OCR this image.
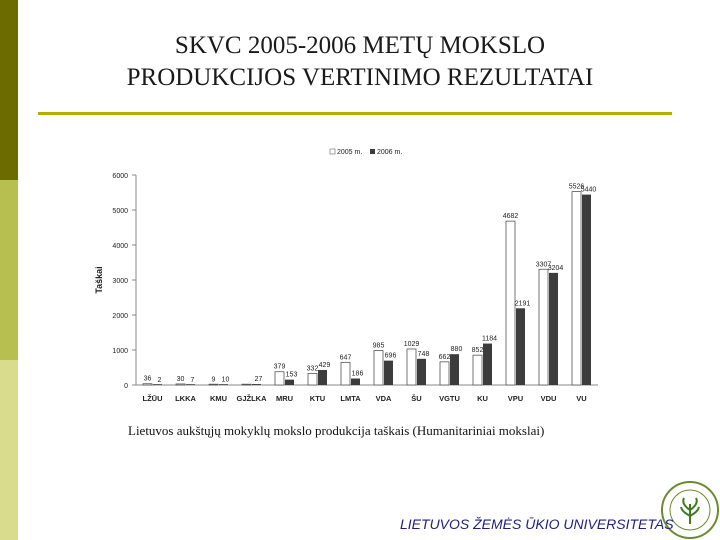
SKVC 2005-2006 METŲ MOKSLO
PRODUKCIJOS VERTINIMO REZULTATAI
0
1000
2000
3000
4000
5000
6000
Taškai
2005 m. 2006 m.
36 2
LŽŪU
30 7
LKKA
9 10
KMU
27
GJŽLKA
379
153
MRU
332 429
KTU
647
186
LMTA
985
696
VDA
1029
748
ŠU
662
880
VGTU
852
1184
KU
4682
2191
VPU
3307
3204
VDU
5526
5440
VU
Lietuvos aukštųjų mokyklų mokslo produkcija taškais (Humanitariniai mokslai)
LIETUVOS ŽEMĖS ŪKIO UNIVERSITETAS
